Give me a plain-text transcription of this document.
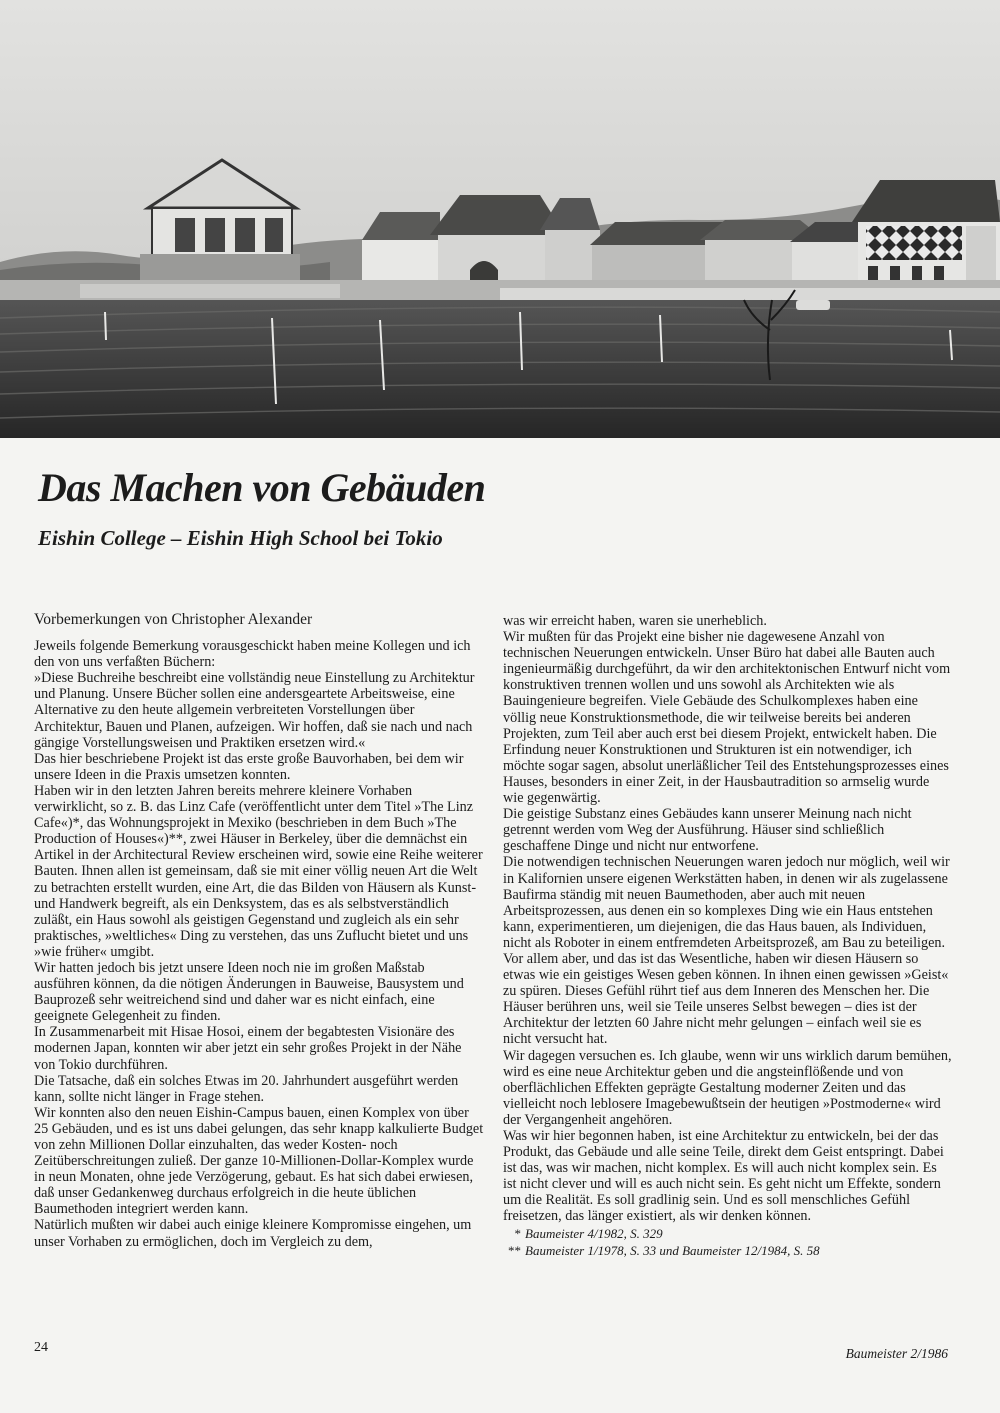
Das Machen von Gebäuden
Eishin College – Eishin High School bei Tokio

Vorbemerkungen von Christopher Alexander

Jeweils folgende Bemerkung vorausgeschickt haben meine Kollegen und ich den von uns verfaßten Büchern:

»Diese Buchreihe beschreibt eine vollständig neue Einstellung zu Architektur und Planung. Unsere Bücher sollen eine andersgeartete Arbeitsweise, eine Alternative zu den heute allgemein verbreiteten Vorstellungen über Architektur, Bauen und Planen, aufzeigen. Wir hoffen, daß sie nach und nach gängige Vorstellungsweisen und Praktiken ersetzen wird.«

Das hier beschriebene Projekt ist das erste große Bauvorhaben, bei dem wir unsere Ideen in die Praxis umsetzen konnten.

Haben wir in den letzten Jahren bereits mehrere kleinere Vorhaben verwirklicht, so z. B. das Linz Cafe (veröffentlicht unter dem Titel »The Linz Cafe«)*, das Wohnungsprojekt in Mexiko (beschrieben in dem Buch »The Production of Houses«)**, zwei Häuser in Berkeley, über die demnächst ein Artikel in der Architectural Review erscheinen wird, sowie eine Reihe weiterer Bauten. Ihnen allen ist gemeinsam, daß sie mit einer völlig neuen Art die Welt zu betrachten erstellt wurden, eine Art, die das Bilden von Häusern als Kunst- und Handwerk begreift, als ein Denksystem, das es als selbstverständlich zuläßt, ein Haus sowohl als geistigen Gegenstand und zugleich als ein sehr praktisches, »weltliches« Ding zu verstehen, das uns Zuflucht bietet und uns »wie früher« umgibt.

Wir hatten jedoch bis jetzt unsere Ideen noch nie im großen Maßstab ausführen können, da die nötigen Änderungen in Bauweise, Bausystem und Bauprozeß sehr weitreichend sind und daher war es nicht einfach, eine geeignete Gelegenheit zu finden.

In Zusammenarbeit mit Hisae Hosoi, einem der begabtesten Visionäre des modernen Japan, konnten wir aber jetzt ein sehr großes Projekt in der Nähe von Tokio durchführen.

Die Tatsache, daß ein solches Etwas im 20. Jahrhundert ausgeführt werden kann, sollte nicht länger in Frage stehen.

Wir konnten also den neuen Eishin-Campus bauen, einen Komplex von über 25 Gebäuden, und es ist uns dabei gelungen, das sehr knapp kalkulierte Budget von zehn Millionen Dollar einzuhalten, das weder Kosten- noch Zeitüberschreitungen zuließ. Der ganze 10-Millionen-Dollar-Komplex wurde in neun Monaten, ohne jede Verzögerung, gebaut. Es hat sich dabei erwiesen, daß unser Gedankenweg durchaus erfolgreich in die heute üblichen Baumethoden integriert werden kann.

Natürlich mußten wir dabei auch einige kleinere Kompromisse eingehen, um unser Vorhaben zu ermöglichen, doch im Vergleich zu dem,

was wir erreicht haben, waren sie unerheblich.

Wir mußten für das Projekt eine bisher nie dagewesene Anzahl von technischen Neuerungen entwickeln. Unser Büro hat dabei alle Bauten auch ingenieurmäßig durchgeführt, da wir den architektonischen Entwurf nicht vom konstruktiven trennen wollen und uns sowohl als Architekten wie als Bauingenieure begreifen. Viele Gebäude des Schulkomplexes haben eine völlig neue Konstruktionsmethode, die wir teilweise bereits bei anderen Projekten, zum Teil aber auch erst bei diesem Projekt, entwickelt haben. Die Erfindung neuer Konstruktionen und Strukturen ist ein notwendiger, ich möchte sogar sagen, absolut unerläßlicher Teil des Entstehungsprozesses eines Hauses, besonders in einer Zeit, in der Hausbautradition so armselig wurde wie gegenwärtig.

Die geistige Substanz eines Gebäudes kann unserer Meinung nach nicht getrennt werden vom Weg der Ausführung. Häuser sind schließlich geschaffene Dinge und nicht nur entworfene.

Die notwendigen technischen Neuerungen waren jedoch nur möglich, weil wir in Kalifornien unsere eigenen Werkstätten haben, in denen wir als zugelassene Baufirma ständig mit neuen Baumethoden, aber auch mit neuen Arbeitsprozessen, aus denen ein so komplexes Ding wie ein Haus entstehen kann, experimentieren, um diejenigen, die das Haus bauen, als Individuen, nicht als Roboter in einem entfremdeten Arbeitsprozeß, am Bau zu beteiligen.

Vor allem aber, und das ist das Wesentliche, haben wir diesen Häusern so etwas wie ein geistiges Wesen geben können. In ihnen einen gewissen »Geist« zu spüren. Dieses Gefühl rührt tief aus dem Inneren des Menschen her. Die Häuser berühren uns, weil sie Teile unseres Selbst bewegen – dies ist der Architektur der letzten 60 Jahre nicht mehr gelungen – einfach weil sie es nicht versucht hat.

Wir dagegen versuchen es. Ich glaube, wenn wir uns wirklich darum bemühen, wird es eine neue Architektur geben und die angsteinflößende und von oberflächlichen Effekten geprägte Gestaltung moderner Zeiten und das vielleicht noch leblosere Imagebewußtsein der heutigen »Postmoderne« wird der Vergangenheit angehören.

Was wir hier begonnen haben, ist eine Architektur zu entwickeln, bei der das Produkt, das Gebäude und alle seine Teile, direkt dem Geist entspringt. Dabei ist das, was wir machen, nicht komplex. Es will auch nicht komplex sein. Es ist nicht clever und will es auch nicht sein. Es geht nicht um Effekte, sondern um die Realität. Es soll gradlinig sein. Und es soll menschliches Gefühl freisetzen, das länger existiert, als wir denken können.

* Baumeister 4/1982, S. 329

** Baumeister 1/1978, S. 33 und Baumeister 12/1984, S. 58

24	Baumeister 2/1986
